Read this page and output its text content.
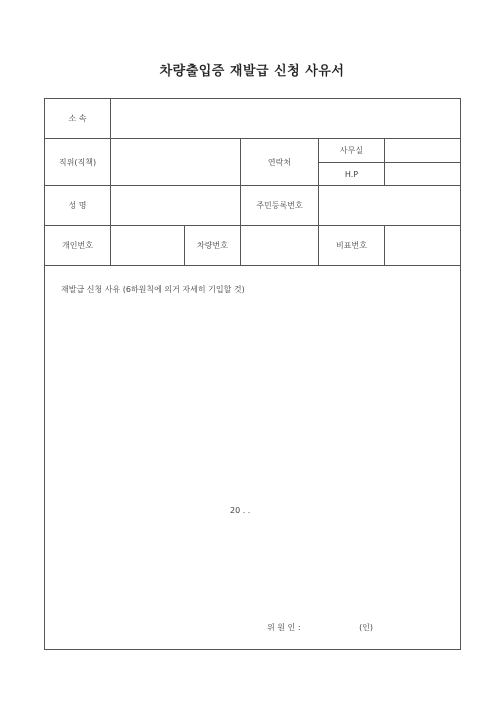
차량출입증 재발급 신청 사유서
소 속					
직위(직책)			연락처	사무실	
				H.P	
성 명			주민등록번호		
개인번호		차량번호		비표번호	

재발급 신청 사유 (6하원칙에 의거 자세히 기입할 것)
20 . .
위 원 인 : (인)					
